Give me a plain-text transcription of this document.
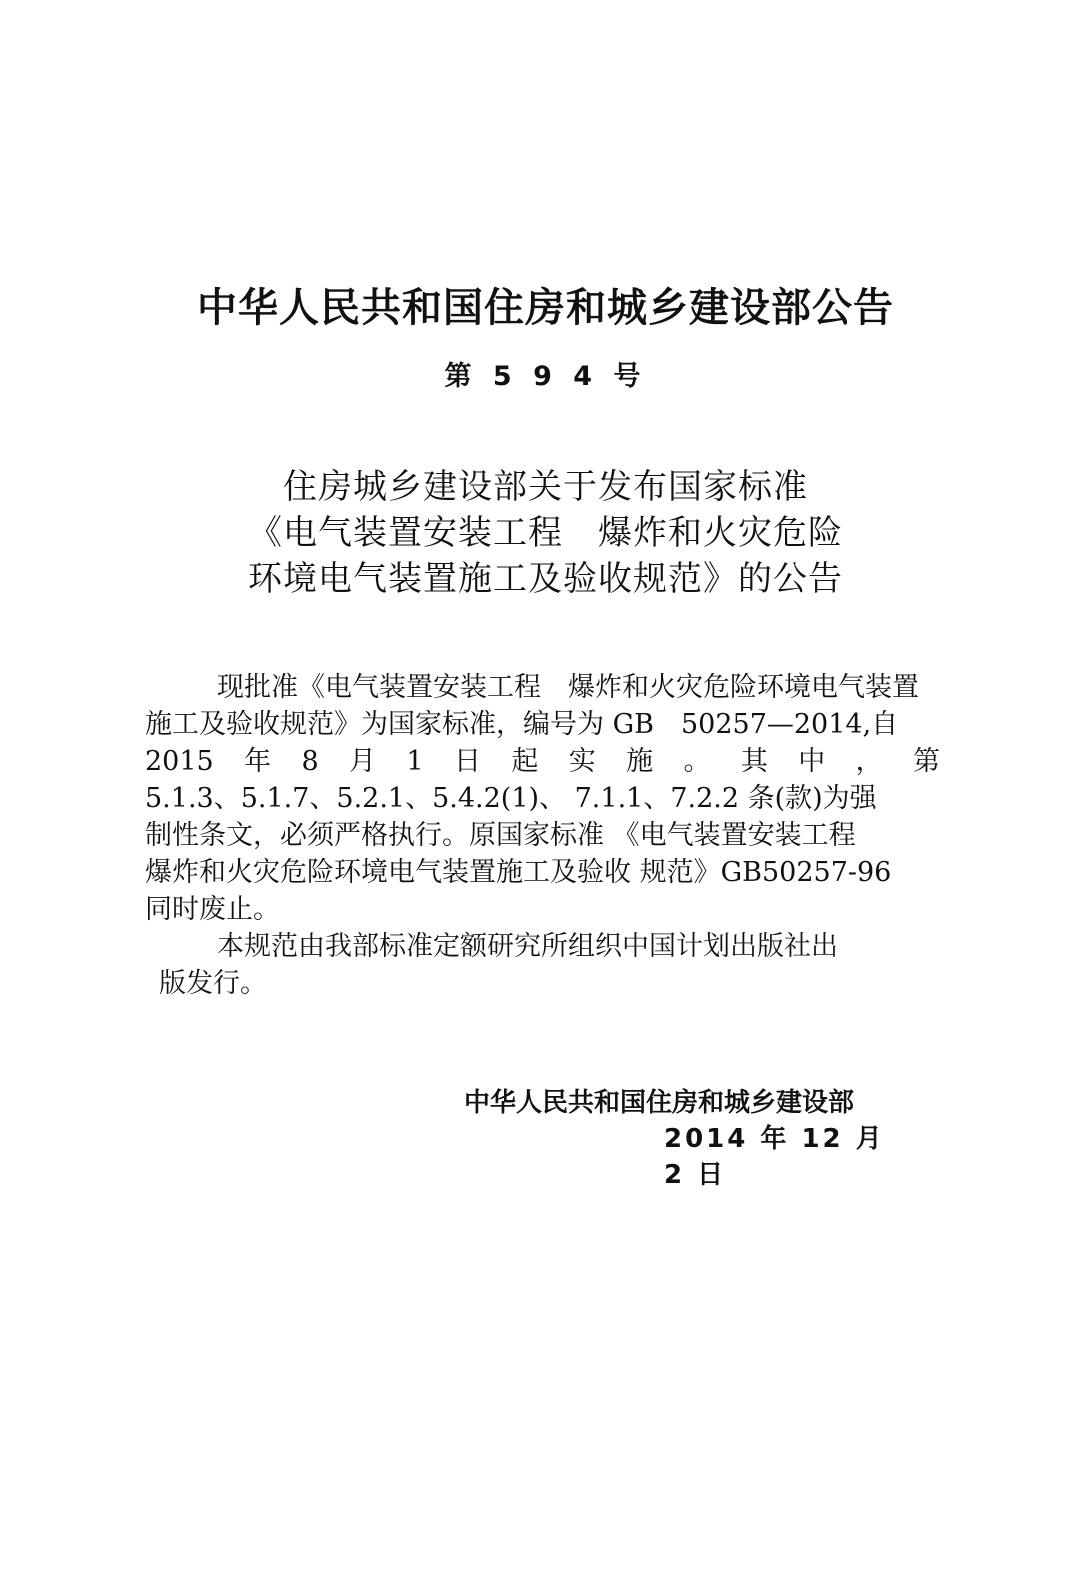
中华人民共和国住房和城乡建设部公告
第 5 9 4 号
住房城乡建设部关于发布国家标准
《电气装置安装工程　爆炸和火灾危险
环境电气装置施工及验收规范》的公告
现批准《电气装置安装工程　爆炸和火灾危险环境电气装置
施工及验收规范》为国家标准，编号为 GB　50257—2014,自
2015 年 8 月 1 日 起 实 施 。 其 中 ， 第
5.1.3、5.1.7、5.2.1、5.4.2(1)、 7.1.1、7.2.2 条(款)为强
制性条文，必须严格执行。原国家标准 《电气装置安装工程
爆炸和火灾危险环境电气装置施工及验收 规范》GB50257-96
同时废止。
本规范由我部标准定额研究所组织中国计划出版社出
版发行。
中华人民共和国住房和城乡建设部
2014 年 12 月
2 日
